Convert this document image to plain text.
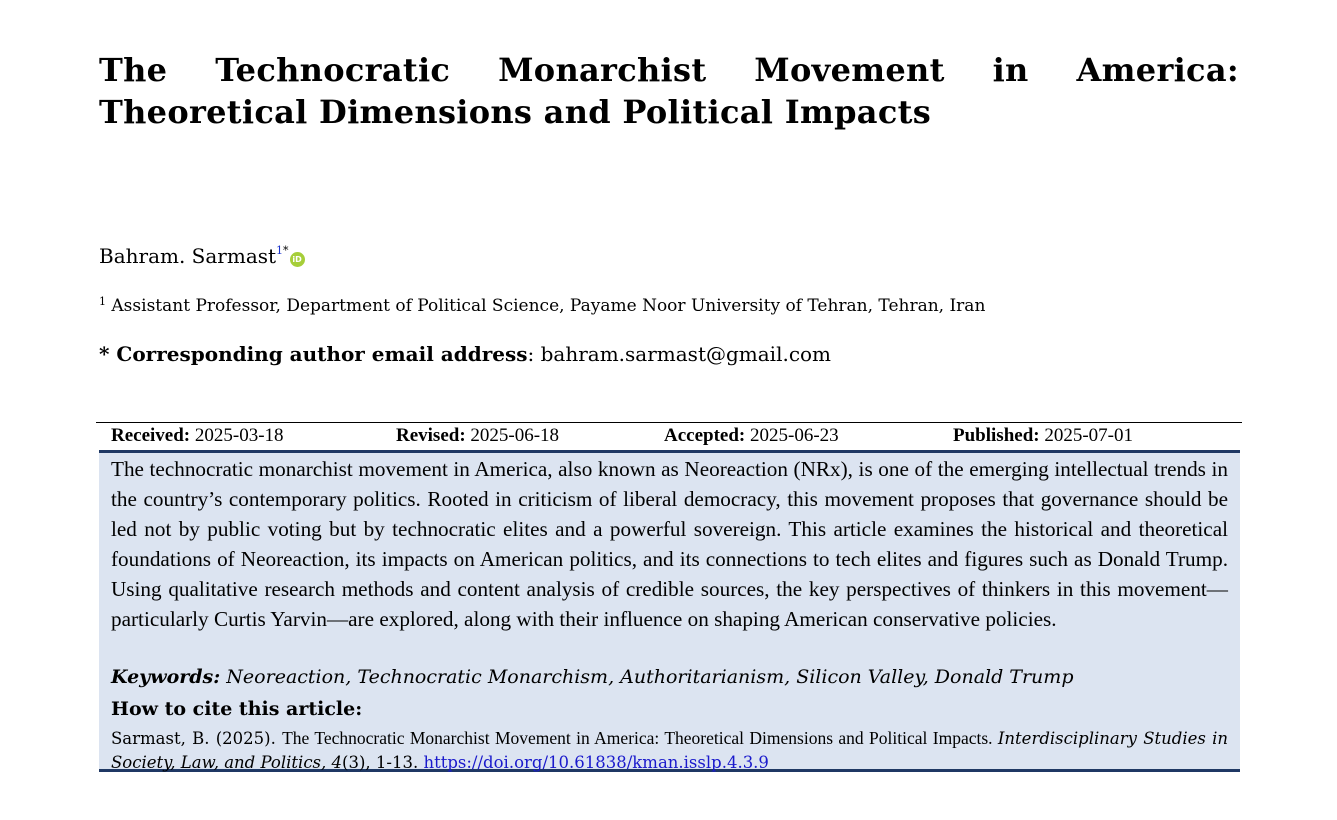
The Technocratic Monarchist Movement in America: Theoretical Dimensions and Political Impacts
Bahram. Sarmast$^{1*}$iD
$^1$ Assistant Professor, Department of Political Science, Payame Noor University of Tehran, Tehran, Iran
* Corresponding author email address: bahram.sarmast@gmail.com
Received: 2025-03-18	Revised: 2025-06-18	Accepted: 2025-06-23	Published: 2025-07-01

The technocratic monarchist movement in America, also known as Neoreaction (NRx), is one of the emerging intellectual trends in the country’s contemporary politics. Rooted in criticism of liberal democracy, this movement proposes that governance should be led not by public voting but by technocratic elites and a powerful sovereign. This article examines the historical and theoretical foundations of Neoreaction, its impacts on American politics, and its connections to tech elites and figures such as Donald Trump. Using qualitative research methods and content analysis of credible sources, the key perspectives of thinkers in this movement—particularly Curtis Yarvin—are explored, along with their influence on shaping American conservative policies.

Keywords: Neoreaction, Technocratic Monarchism, Authoritarianism, Silicon Valley, Donald Trump
How to cite this article:

Sarmast, B. (2025). The Technocratic Monarchist Movement in America: Theoretical Dimensions and Political Impacts. Interdisciplinary Studies in Society, Law, and Politics, 4(3), 1-13. https://doi.org/10.61838/kman.isslp.4.3.9
